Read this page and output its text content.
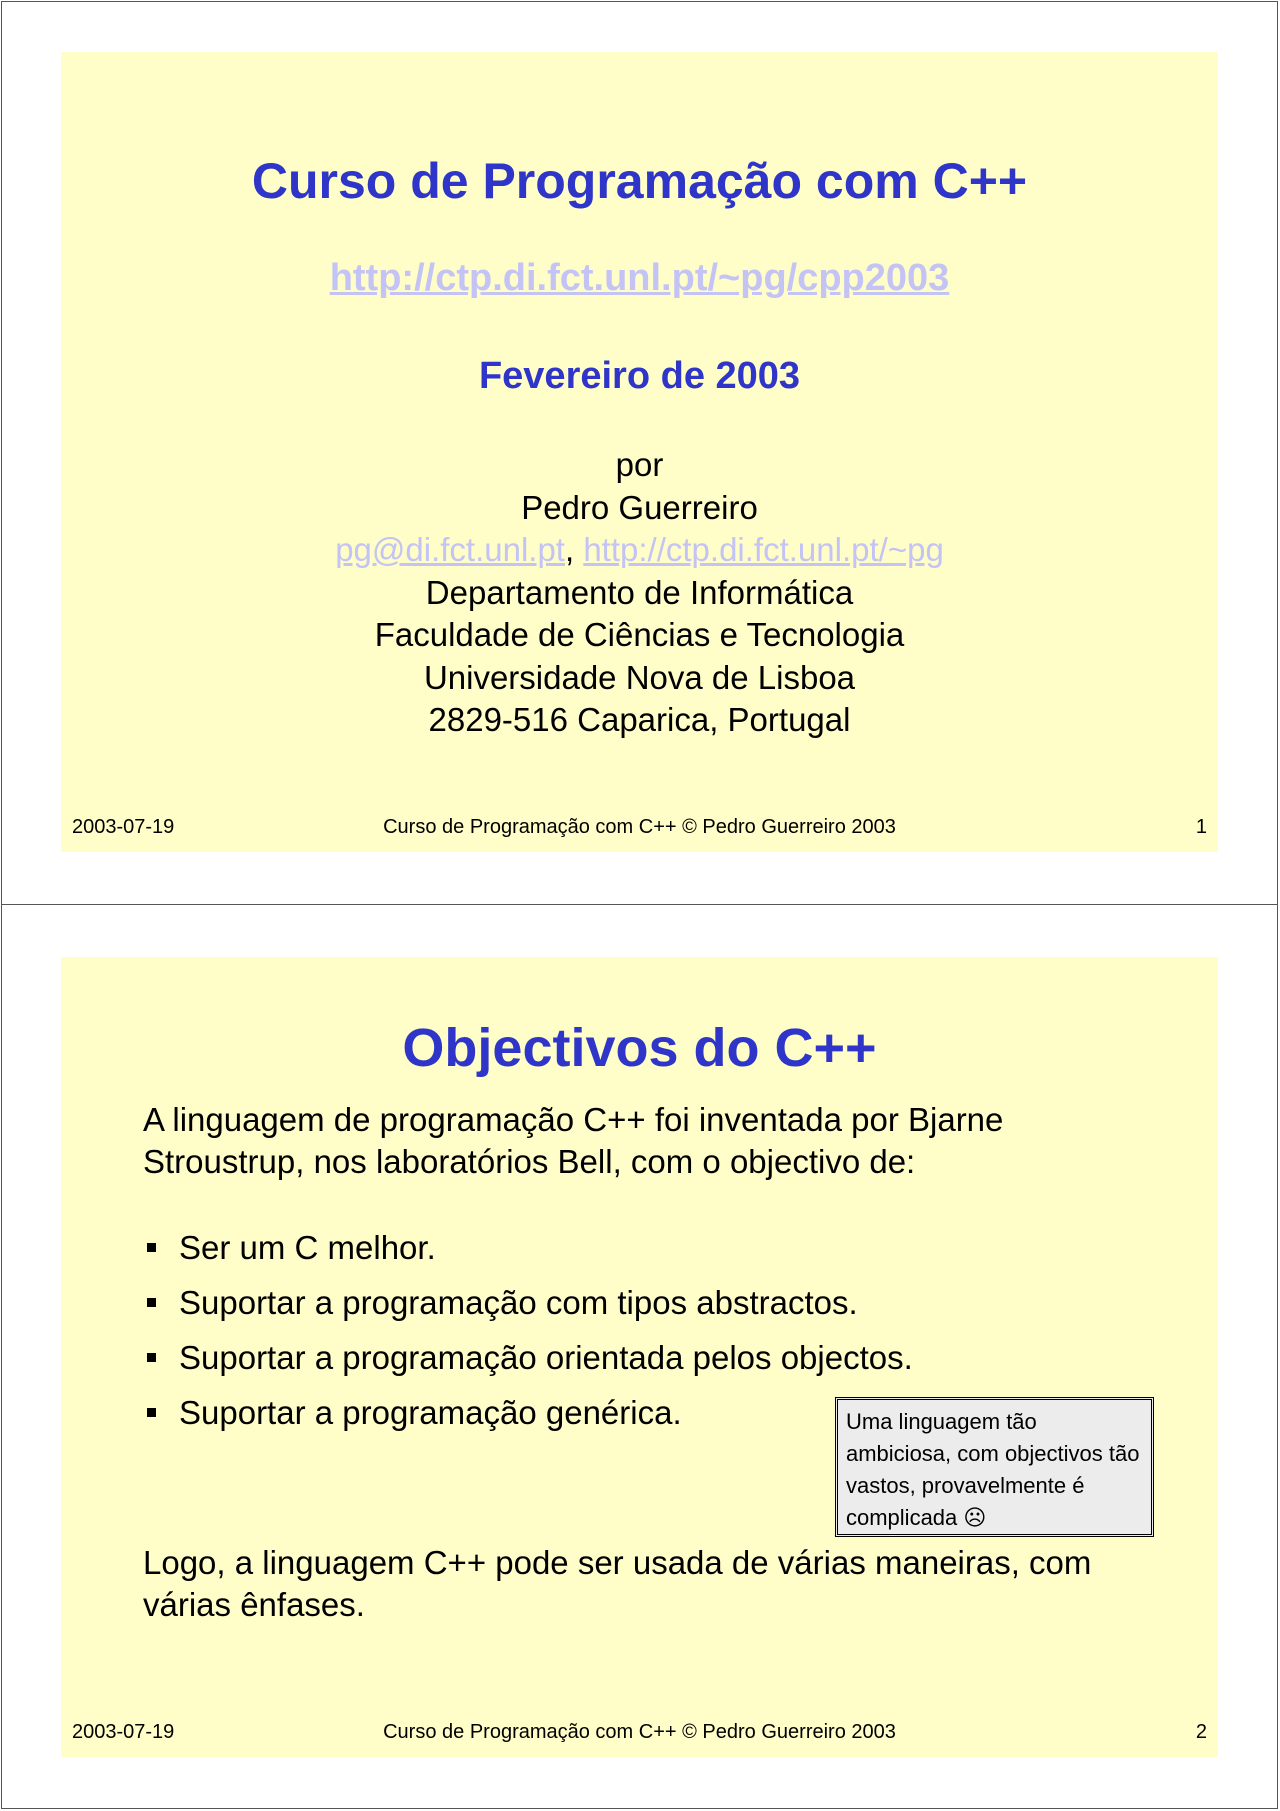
Curso de Programação com C++
http://ctp.di.fct.unl.pt/~pg/cpp2003
Fevereiro de 2003
por
Pedro Guerreiro
pg@di.fct.unl.pt, http://ctp.di.fct.unl.pt/~pg
Departamento de Informática
Faculdade de Ciências e Tecnologia
Universidade Nova de Lisboa
2829-516 Caparica, Portugal
2003-07-19	Curso de Programação com C++ © Pedro Guerreiro 2003	1
Objectivos do C++

A linguagem de programação C++ foi inventada por Bjarne Stroustrup, nos laboratórios Bell, com o objectivo de:

Ser um C melhor.
Suportar a programação com tipos abstractos.
Suportar a programação orientada pelos objectos.
Suportar a programação genérica.	Uma linguagem tão ambiciosa, com objectivos tão vastos, provavelmente é complicada ☹

Logo, a linguagem C++ pode ser usada de várias maneiras, com várias ênfases.

2003-07-19	Curso de Programação com C++ © Pedro Guerreiro 2003	2
